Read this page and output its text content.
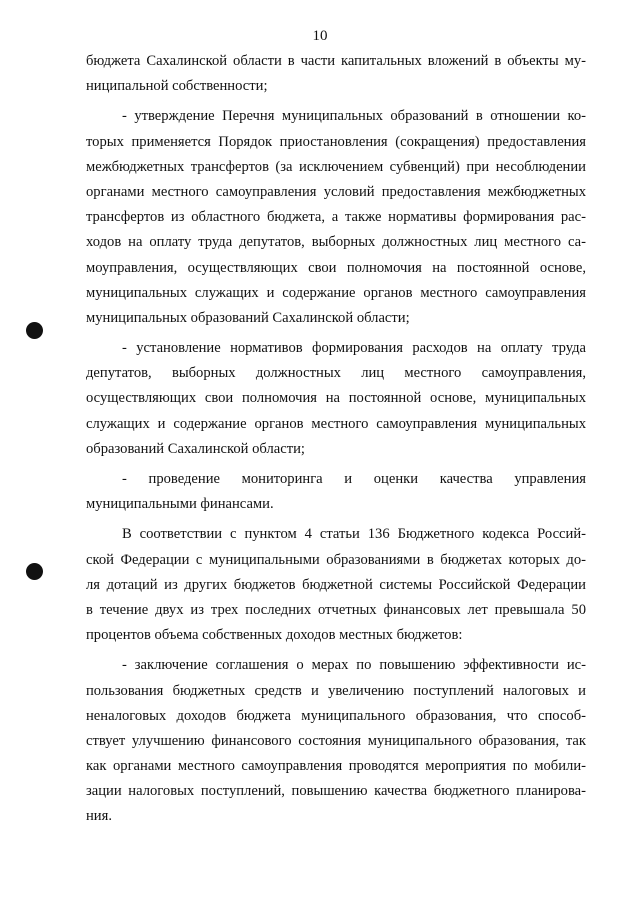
10
бюджета Сахалинской области в части капитальных вложений в объекты му-
ниципальной собственности;
- утверждение Перечня муниципальных образований в отношении ко-
торых применяется Порядок приостановления (сокращения) предоставления
межбюджетных трансфертов (за исключением субвенций) при несоблюдении
органами местного самоуправления условий предоставления межбюджетных
трансфертов из областного бюджета, а также нормативы формирования рас-
ходов на оплату труда депутатов, выборных должностных лиц местного са-
моуправления, осуществляющих свои полномочия на постоянной основе,
муниципальных служащих и содержание органов местного самоуправления
муниципальных образований Сахалинской области;
- установление нормативов формирования расходов на оплату труда
депутатов, выборных должностных лиц местного самоуправления,
осуществляющих свои полномочия на постоянной основе, муниципальных
служащих и содержание органов местного самоуправления муниципальных
образований Сахалинской области;
- проведение мониторинга и оценки качества управления
муниципальными финансами.
В соответствии с пунктом 4 статьи 136 Бюджетного кодекса Россий-
ской Федерации с муниципальными образованиями в бюджетах которых до-
ля дотаций из других бюджетов бюджетной системы Российской Федерации
в течение двух из трех последних отчетных финансовых лет превышала 50
процентов объема собственных доходов местных бюджетов:
- заключение соглашения о мерах по повышению эффективности ис-
пользования бюджетных средств и увеличению поступлений налоговых и
неналоговых доходов бюджета муниципального образования, что способ-
ствует улучшению финансового состояния муниципального образования, так
как органами местного самоуправления проводятся мероприятия по мобили-
зации налоговых поступлений, повышению качества бюджетного планирова-
ния.
